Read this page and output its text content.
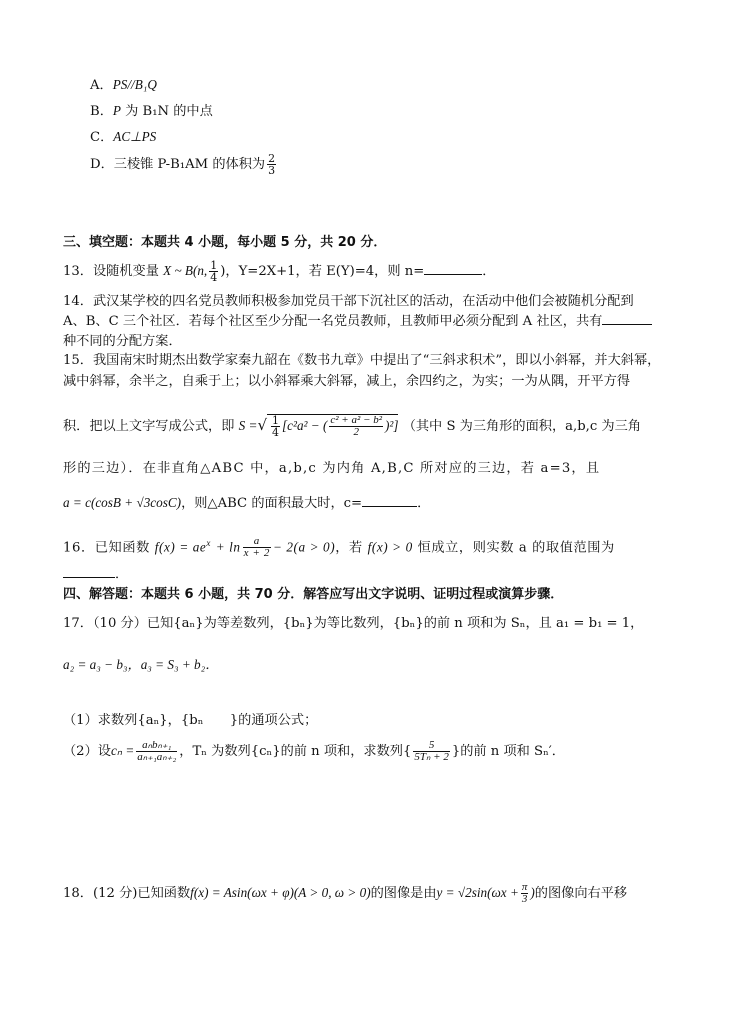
A．PS//B₁Q
B．P 为 B₁N 的中点
C．AC⊥PS
D．三棱锥 P-B₁AM 的体积为 $\frac{2}{3}$
三、填空题：本题共 4 小题，每小题 5 分，共 20 分．
13．设随机变量 X ~ B(n, $\frac{1}{4}$ )，Y=2X+1，若 E(Y)=4，则 n=	．
14．武汉某学校的四名党员教师积极参加党员干部下沉社区的活动，在活动中他们会被随机分配到
A、B、C 三个社区．若每个社区至少分配一名党员教师，且教师甲必须分配到 A 社区，共有
种不同的分配方案．
15．我国南宋时期杰出数学家秦九韶在《数书九章》中提出了“三斜求积术”，即以小斜幂，并大斜幂，
减中斜幂，余半之，自乘于上；以小斜幂乘大斜幂，减上，余四约之，为实；一为从隅，开平方得
积．把以上文字写成公式，即 S =√ $\frac{1}{4} [c^2a^2$ − ( $\frac{\text{c² + a² − b²}}{2} )^2$] （其中 S 为三角形的面积，a,b,c 为三角
形的三边）．在非直角△ABC 中，a,b,c 为内角 A,B,C 所对应的三边，若 a=3，且
a = c(cosB + √3cosC)，则△ABC 的面积最大时，c=	．
16．已知函数 $f(x) = ae^x + \ln \frac{a}{x + 2} - 2(a > 0)$，若 f(x) > 0 恒成立，则实数 a 的取值范围为
．
四、解答题：本题共 6 小题，共 70 分．解答应写出文字说明、证明过程或演算步骤．
17．（10 分）已知{aₙ}为等差数列，{bₙ}为等比数列，{bₙ}的前 n 项和为 Sₙ，且 a₁ = b₁ = 1，
a₂ = a₃ − b₃，a₃ = S₃ + b₂．
（1）求数列{aₙ}，{bₙ　　}的通项公式；
（2）设$c_n = \frac{\text{aₙbₙ₊₁}}{\text{aₙ₊₁aₙ₊₂}}$ ，Tₙ 为数列{cₙ}的前 n 项和，求数列{ $\frac{5}{\text{5Tₙ + 2}}$ }的前 n 项和 Sₙ′．
18．(12 分)已知函数f(x) = Asin(ωx + φ)(A > 0, ω > 0)的图像是由$y = √2\sin(\omega x + \frac{\pi}{3}$ )的图像向右平移
